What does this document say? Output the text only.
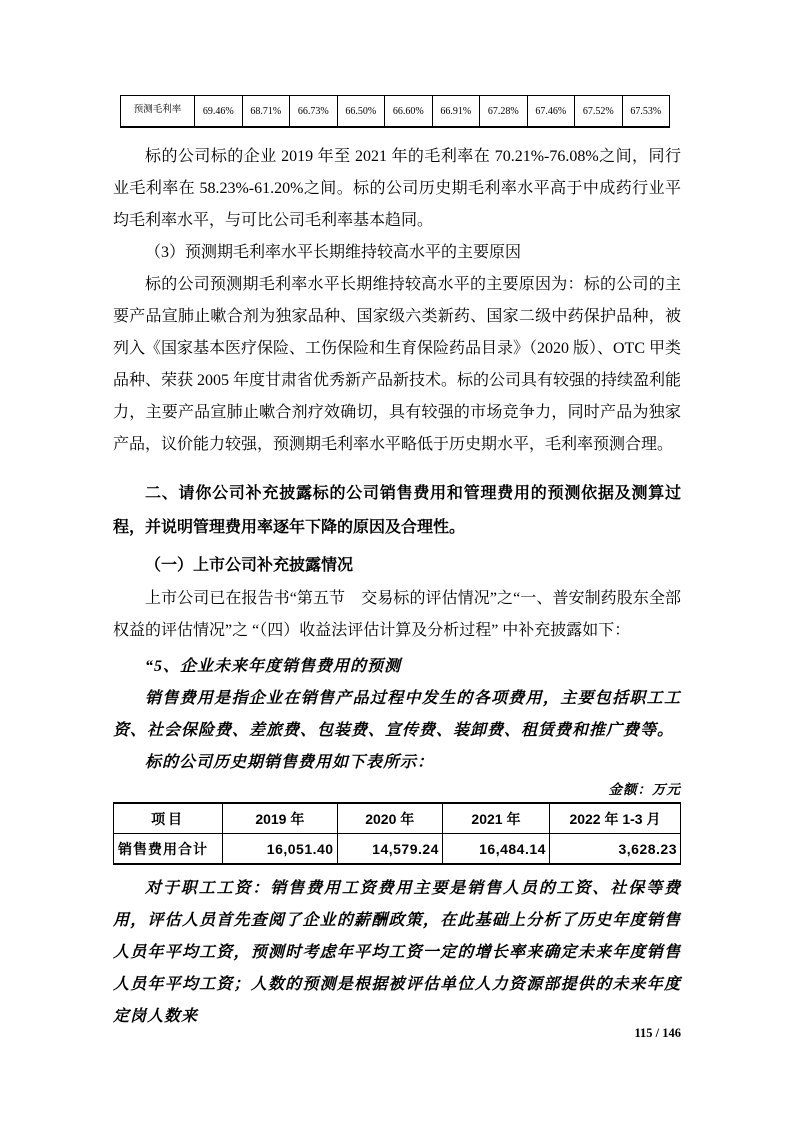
预测毛利率	69.46%	68.71%	66.73%	66.50%	66.60%	66.91%	67.28%	67.46%	67.52%	67.53%

标的公司标的企业 2019 年至 2021 年的毛利率在 70.21%-76.08%之间，同行业毛利率在 58.23%-61.20%之间。标的公司历史期毛利率水平高于中成药行业平均毛利率水平，与可比公司毛利率基本趋同。

（3）预测期毛利率水平长期维持较高水平的主要原因

标的公司预测期毛利率水平长期维持较高水平的主要原因为：标的公司的主要产品宣肺止嗽合剂为独家品种、国家级六类新药、国家二级中药保护品种，被列入《国家基本医疗保险、工伤保险和生育保险药品目录》（2020 版）、OTC 甲类品种、荣获 2005 年度甘肃省优秀新产品新技术。标的公司具有较强的持续盈利能力，主要产品宣肺止嗽合剂疗效确切，具有较强的市场竞争力，同时产品为独家产品，议价能力较强，预测期毛利率水平略低于历史期水平，毛利率预测合理。

二、请你公司补充披露标的公司销售费用和管理费用的预测依据及测算过程，并说明管理费用率逐年下降的原因及合理性。

（一）上市公司补充披露情况

上市公司已在报告书“第五节　交易标的评估情况”之“一、普安制药股东全部权益的评估情况”之 “（四）收益法评估计算及分析过程” 中补充披露如下：

“5、企业未来年度销售费用的预测

销售费用是指企业在销售产品过程中发生的各项费用，主要包括职工工资、社会保险费、差旅费、包装费、宣传费、装卸费、租赁费和推广费等。

标的公司历史期销售费用如下表所示：

金额：万元
项目	2019 年	2020 年	2021 年	2022 年 1-3 月
销售费用合计	16,051.40	14,579.24	16,484.14	3,628.23

对于职工工资：销售费用工资费用主要是销售人员的工资、社保等费用，评估人员首先查阅了企业的薪酬政策，在此基础上分析了历史年度销售人员年平均工资，预测时考虑年平均工资一定的增长率来确定未来年度销售人员年平均工资；人数的预测是根据被评估单位人力资源部提供的未来年度定岗人数来

115 / 146
